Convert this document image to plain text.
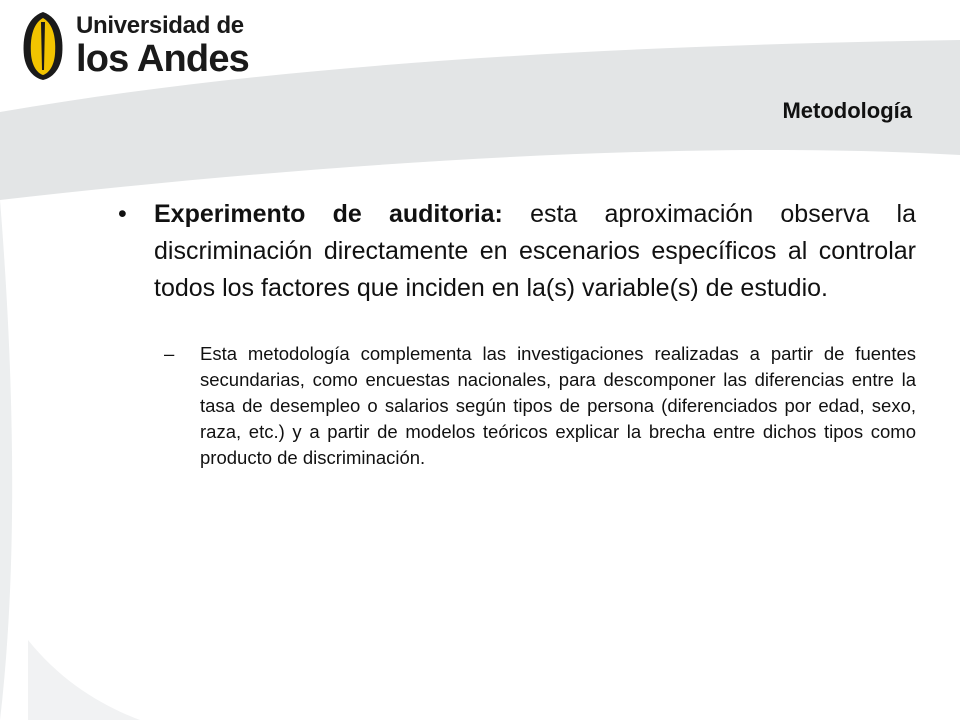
Universidad de
los Andes
Metodología
• Experimento de auditoria: esta aproximación observa la discriminación directamente en escenarios específicos al controlar todos los factores que inciden en la(s) variable(s) de estudio.
– Esta metodología complementa las investigaciones realizadas a partir de fuentes secundarias, como encuestas nacionales, para descomponer las diferencias entre la tasa de desempleo o salarios según tipos de persona (diferenciados por edad, sexo, raza, etc.) y a partir de modelos teóricos explicar la brecha entre dichos tipos como producto de discriminación.
